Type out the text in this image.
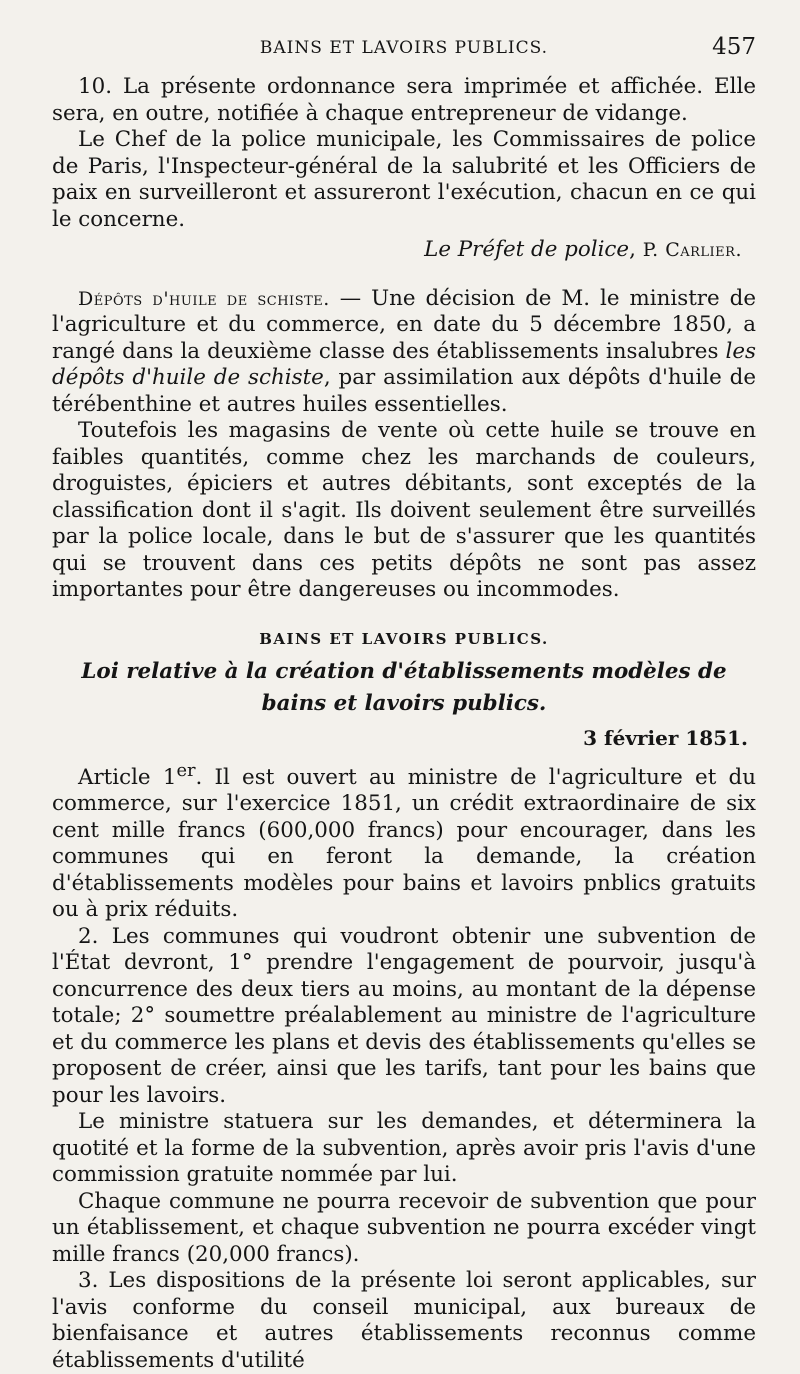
BAINS ET LAVOIRS PUBLICS.	457

10. La présente ordonnance sera imprimée et affichée. Elle sera, en outre, notifiée à chaque entrepreneur de vidange.

Le Chef de la police municipale, les Commissaires de police de Paris, l'Inspecteur-général de la salubrité et les Officiers de paix en surveilleront et assureront l'exécution, chacun en ce qui le concerne.

Le Préfet de police, P. Carlier.

Dépôts d'huile de schiste. — Une décision de M. le ministre de l'agriculture et du commerce, en date du 5 décembre 1850, a rangé dans la deuxième classe des établissements insalubres les dépôts d'huile de schiste, par assimilation aux dépôts d'huile de térébenthine et autres huiles essentielles.

Toutefois les magasins de vente où cette huile se trouve en faibles quantités, comme chez les marchands de couleurs, droguistes, épiciers et autres débitants, sont exceptés de la classification dont il s'agit. Ils doivent seulement être surveillés par la police locale, dans le but de s'assurer que les quantités qui se trouvent dans ces petits dépôts ne sont pas assez importantes pour être dangereuses ou incommodes.

BAINS ET LAVOIRS PUBLICS.
Loi relative à la création d'établissements modèles de bains et lavoirs publics.
3 février 1851.

Article 1er. Il est ouvert au ministre de l'agriculture et du commerce, sur l'exercice 1851, un crédit extraordinaire de six cent mille francs (600,000 francs) pour encourager, dans les communes qui en feront la demande, la création d'établissements modèles pour bains et lavoirs pnblics gratuits ou à prix réduits.

2. Les communes qui voudront obtenir une subvention de l'État devront, 1° prendre l'engagement de pourvoir, jusqu'à concurrence des deux tiers au moins, au montant de la dépense totale; 2° soumettre préalablement au ministre de l'agriculture et du commerce les plans et devis des établissements qu'elles se proposent de créer, ainsi que les tarifs, tant pour les bains que pour les lavoirs.

Le ministre statuera sur les demandes, et déterminera la quotité et la forme de la subvention, après avoir pris l'avis d'une commission gratuite nommée par lui.

Chaque commune ne pourra recevoir de subvention que pour un établissement, et chaque subvention ne pourra excéder vingt mille francs (20,000 francs).

3. Les dispositions de la présente loi seront applicables, sur l'avis conforme du conseil municipal, aux bureaux de bienfaisance et autres établissements reconnus comme établissements d'utilité
